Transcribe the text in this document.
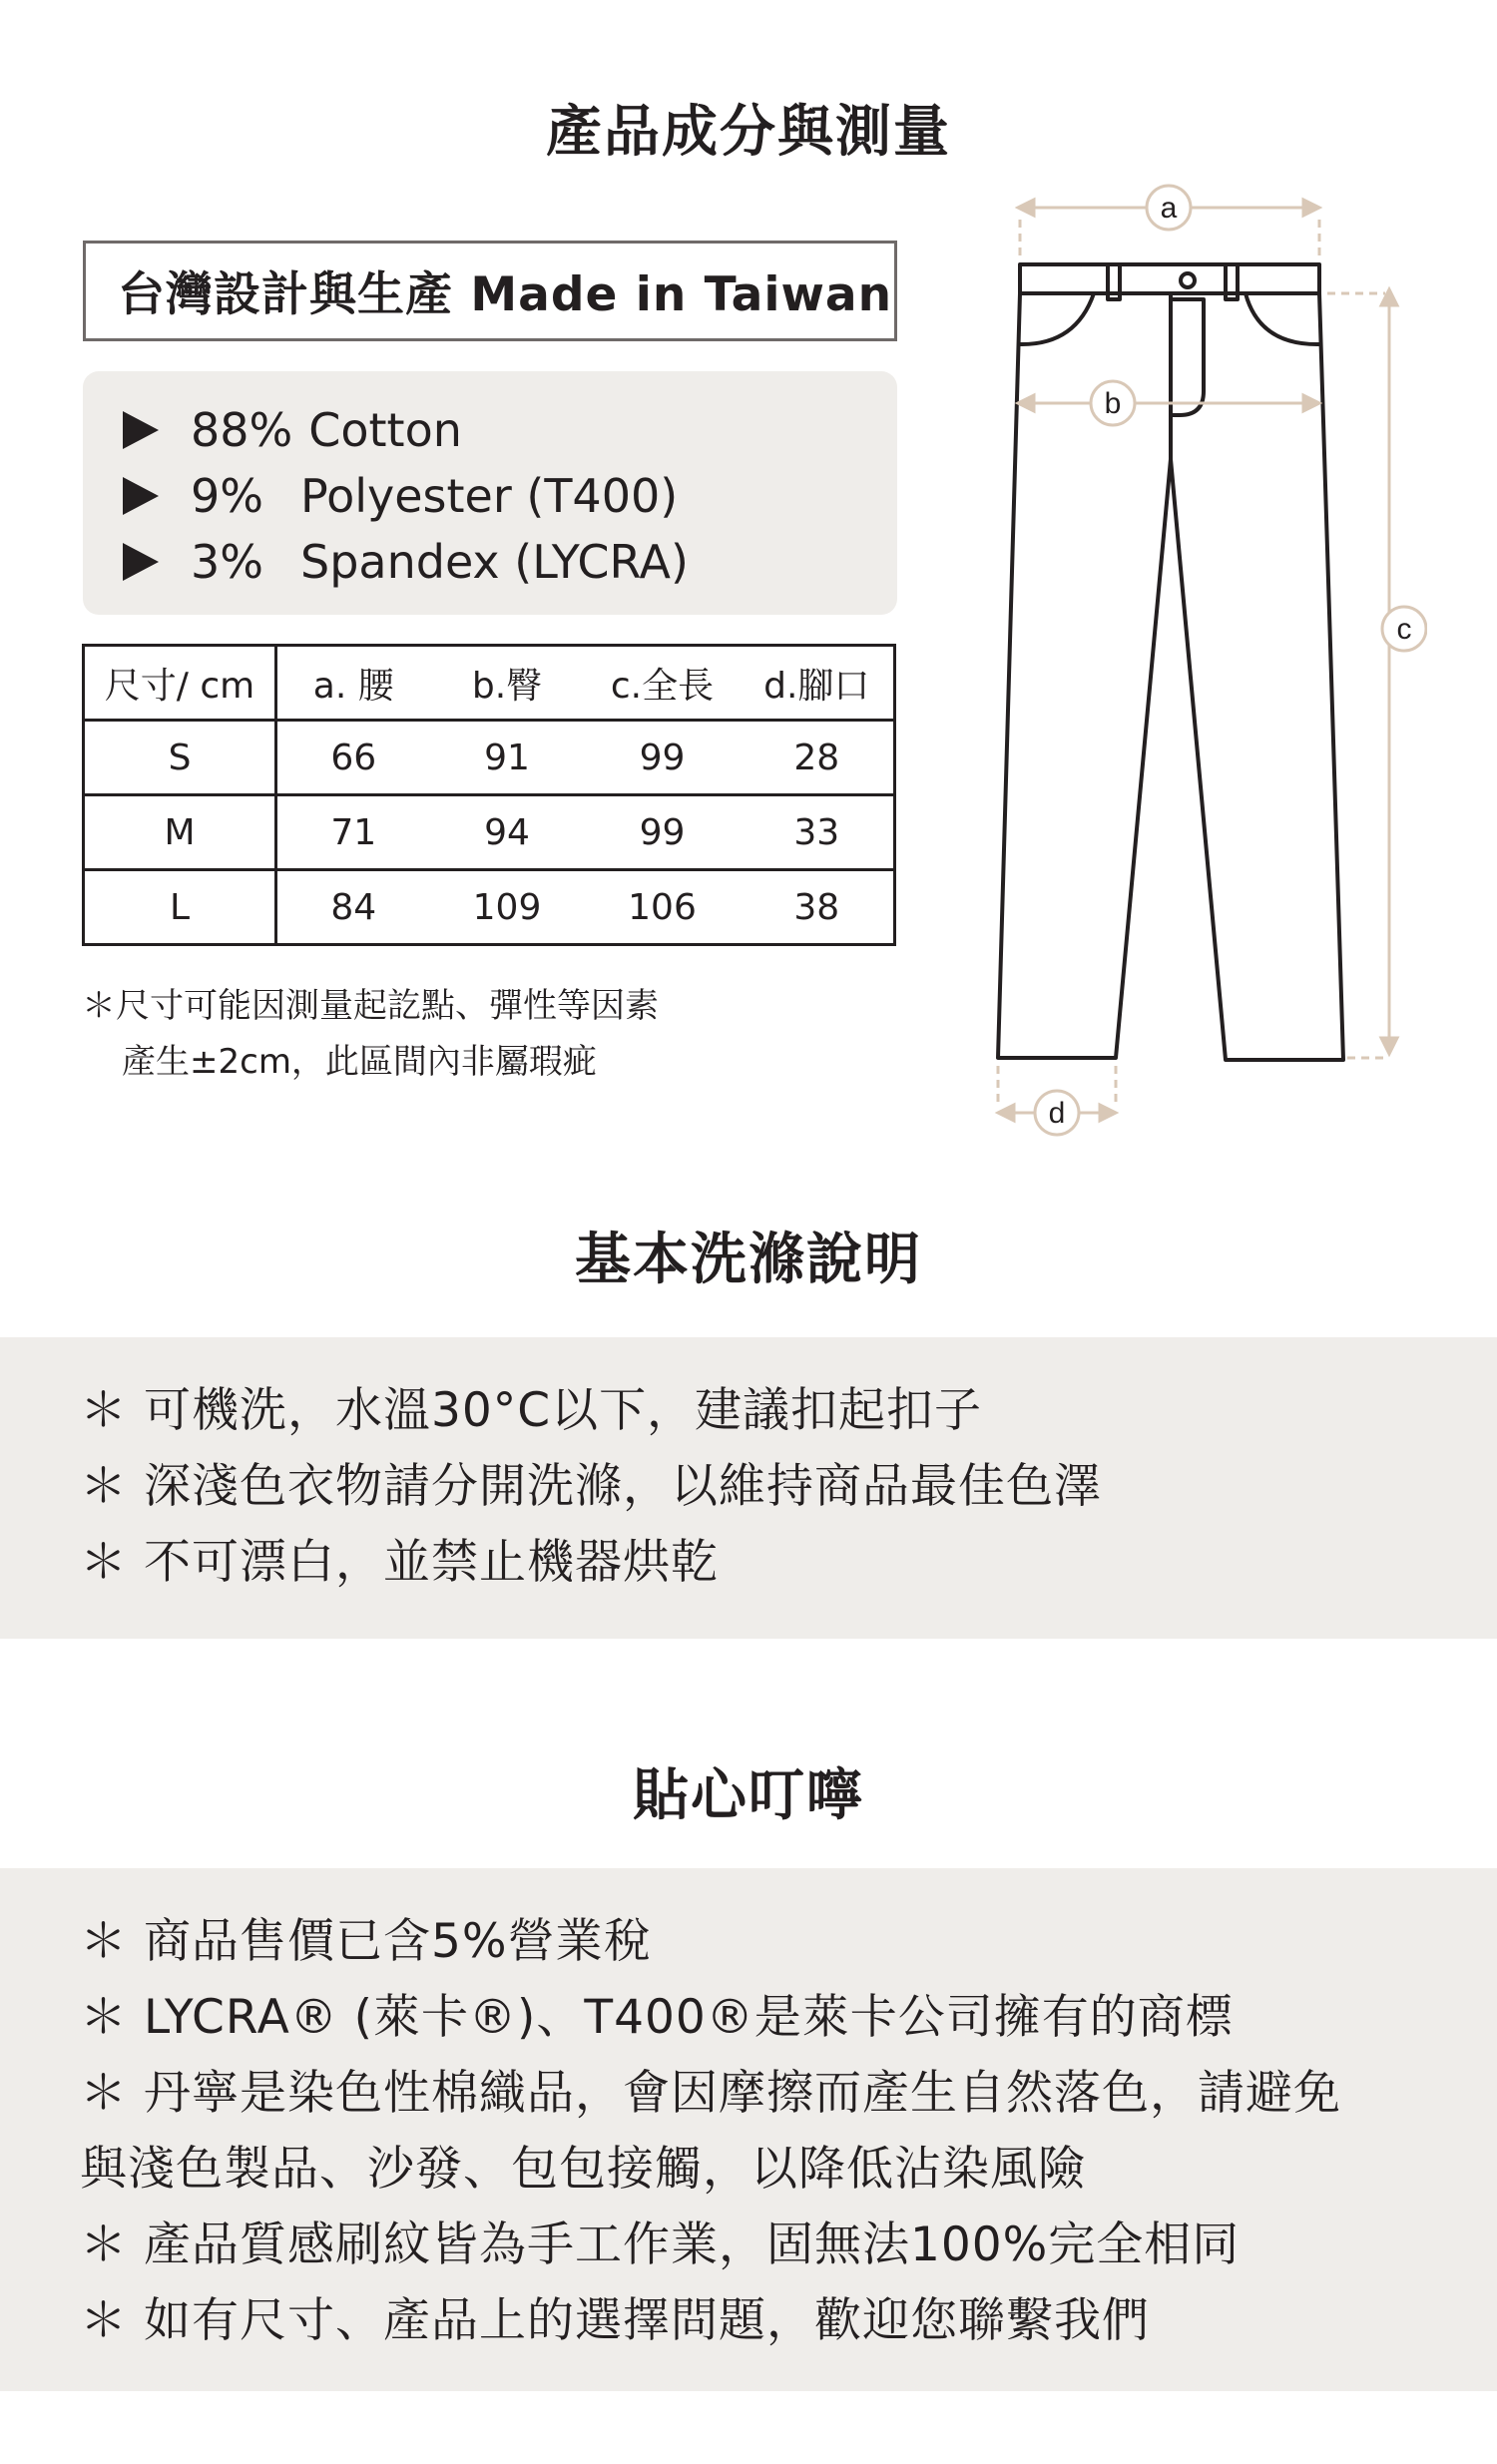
產品成分與測量
台灣設計與生產 Made in Taiwan
88% Cotton
9% Polyester (T400)
3% Spandex (LYCRA)
尺寸/ cm	a. 腰	b.臀	c.全長	d.腳口
S	66	91	99	28
M	71	94	99	33
L	84	109	106	38
＊尺寸可能因測量起訖點、彈性等因素
產生±2cm，此區間內非屬瑕疵
a
b
c
d
基本洗滌說明
＊ 可機洗，水溫30°C以下，建議扣起扣子
＊ 深淺色衣物請分開洗滌，以維持商品最佳色澤
＊ 不可漂白，並禁止機器烘乾
貼心叮嚀
＊ 商品售價已含5%營業稅
＊ LYCRA® (萊卡®)、T400®是萊卡公司擁有的商標
＊ 丹寧是染色性棉織品，會因摩擦而產生自然落色，請避免
與淺色製品、沙發、包包接觸，以降低沾染風險
＊ 產品質感刷紋皆為手工作業，固無法100%完全相同
＊ 如有尺寸、產品上的選擇問題，歡迎您聯繫我們
